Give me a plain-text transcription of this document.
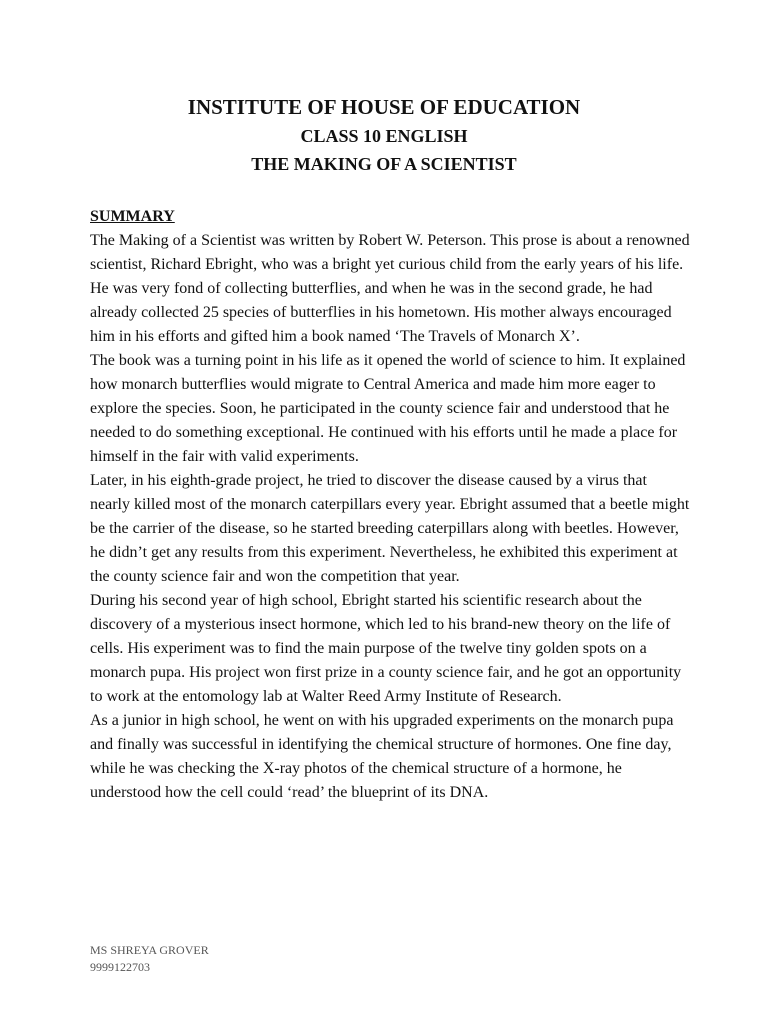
INSTITUTE OF HOUSE OF EDUCATION
CLASS 10 ENGLISH
THE MAKING OF A SCIENTIST
SUMMARY

The Making of a Scientist was written by Robert W. Peterson. This prose is about a renowned scientist, Richard Ebright, who was a bright yet curious child from the early years of his life. He was very fond of collecting butterflies, and when he was in the second grade, he had already collected 25 species of butterflies in his hometown. His mother always encouraged him in his efforts and gifted him a book named ‘The Travels of Monarch X’.

The book was a turning point in his life as it opened the world of science to him. It explained how monarch butterflies would migrate to Central America and made him more eager to explore the species. Soon, he participated in the county science fair and understood that he needed to do something exceptional. He continued with his efforts until he made a place for himself in the fair with valid experiments.

Later, in his eighth-grade project, he tried to discover the disease caused by a virus that nearly killed most of the monarch caterpillars every year. Ebright assumed that a beetle might be the carrier of the disease, so he started breeding caterpillars along with beetles. However, he didn’t get any results from this experiment. Nevertheless, he exhibited this experiment at the county science fair and won the competition that year.

During his second year of high school, Ebright started his scientific research about the discovery of a mysterious insect hormone, which led to his brand-new theory on the life of cells. His experiment was to find the main purpose of the twelve tiny golden spots on a monarch pupa. His project won first prize in a county science fair, and he got an opportunity to work at the entomology lab at Walter Reed Army Institute of Research.

As a junior in high school, he went on with his upgraded experiments on the monarch pupa and finally was successful in identifying the chemical structure of hormones. One fine day, while he was checking the X-ray photos of the chemical structure of a hormone, he understood how the cell could ‘read’ the blueprint of its DNA.

MS SHREYA GROVER
9999122703
